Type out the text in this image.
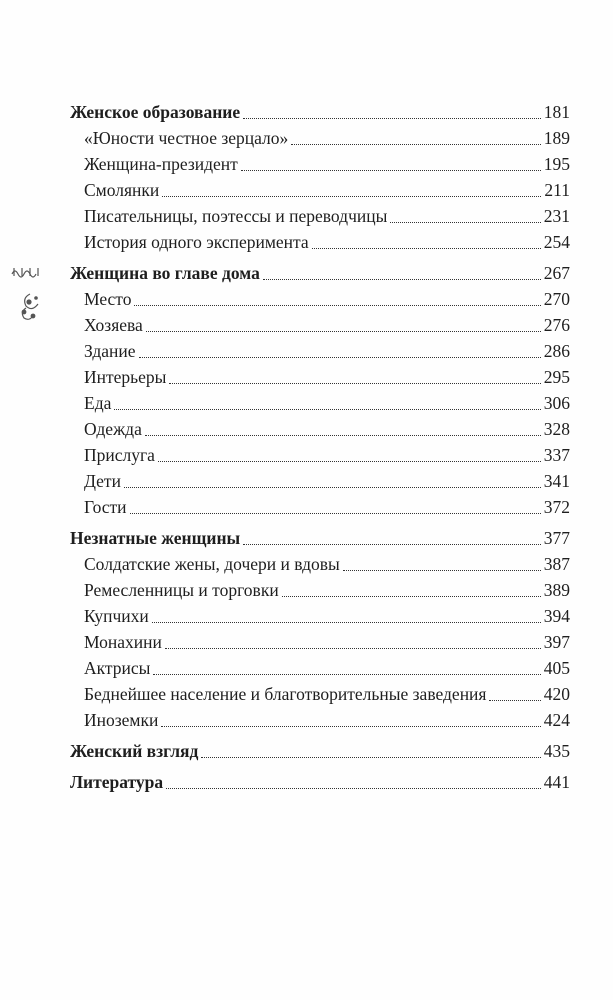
Женское образование	181
«Юности честное зерцало»	189
Женщина-президент	195
Смолянки	211
Писательницы, поэтессы и переводчицы	231
История одного эксперимента	254
Женщина во главе дома	267
Место	270
Хозяева	276
Здание	286
Интерьеры	295
Еда	306
Одежда	328
Прислуга	337
Дети	341
Гости	372
Незнатные женщины	377
Солдатские жены, дочери и вдовы	387
Ремесленницы и торговки	389
Купчихи	394
Монахини	397
Актрисы	405
Беднейшее население и благотворительные заведения	420
Иноземки	424
Женский взгляд	435
Литература	441
